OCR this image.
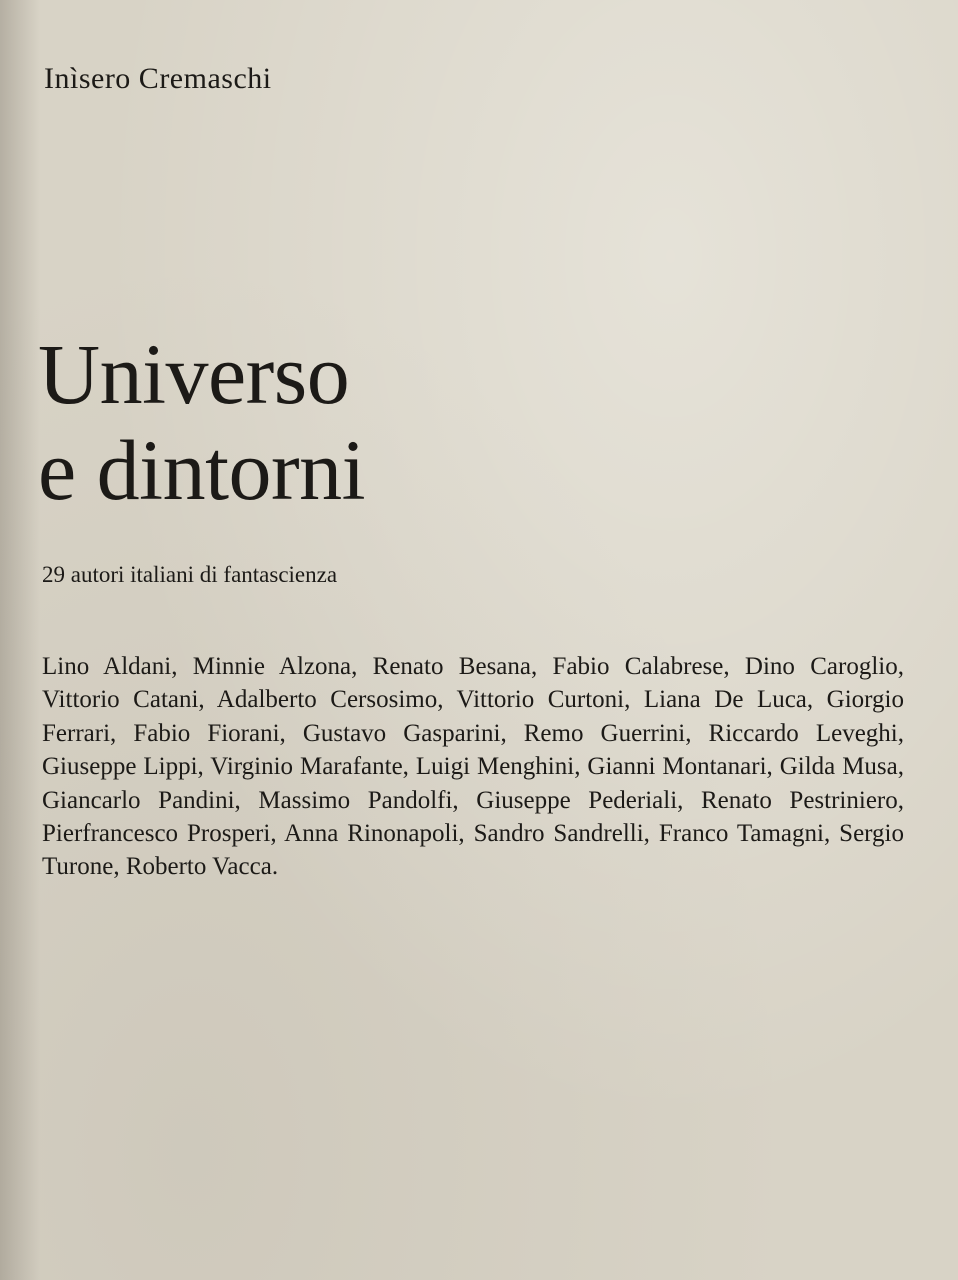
Inìsero Cremaschi
Universo
e dintorni
29 autori italiani di fantascienza
Lino Aldani, Minnie Alzona, Renato Besana, Fabio Calabrese, Dino Caroglio, Vittorio Catani, Adalberto Cersosimo, Vittorio Curtoni, Liana De Luca, Giorgio Ferrari, Fabio Fiorani, Gustavo Gasparini, Remo Guerrini, Riccardo Leveghi, Giuseppe Lippi, Virginio Marafante, Luigi Menghini, Gianni Montanari, Gilda Musa, Giancarlo Pandini, Massimo Pandolfi, Giuseppe Pederiali, Renato Pestriniero, Pierfrancesco Prosperi, Anna Rinonapoli, Sandro Sandrelli, Franco Tamagni, Sergio Turone, Roberto Vacca.
